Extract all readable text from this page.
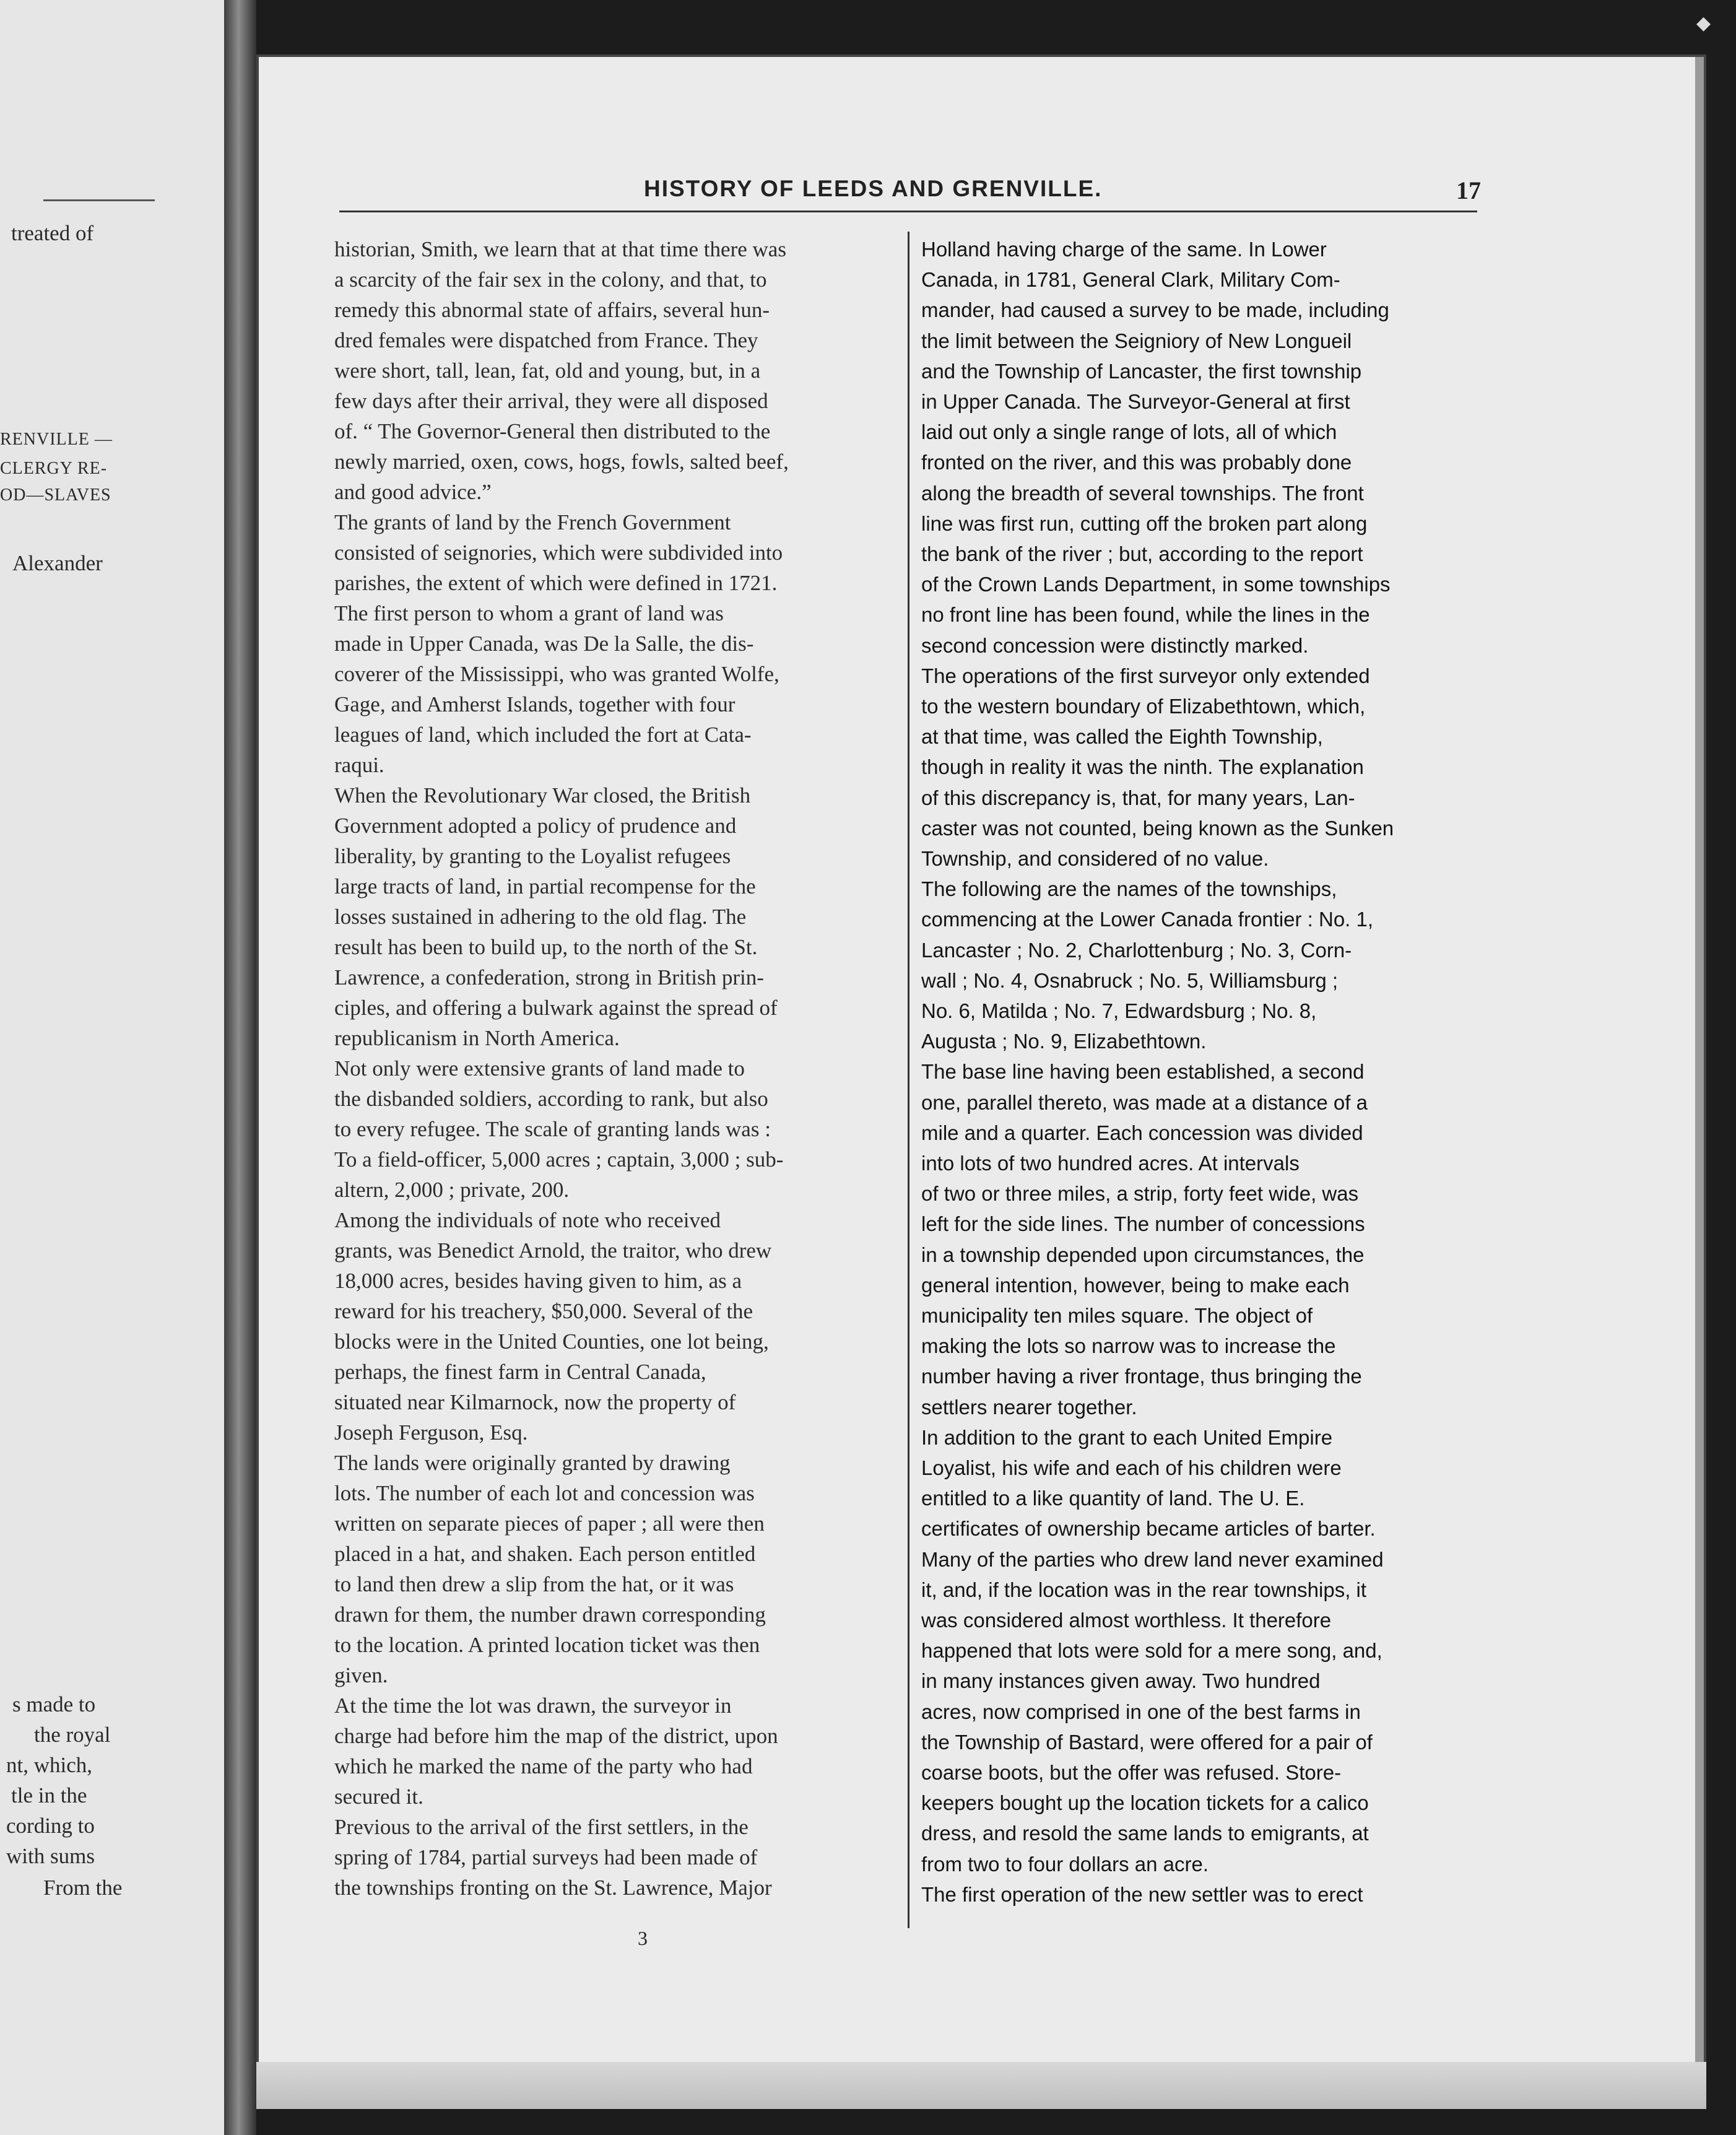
treated of
RENVILLE —
CLERGY RE-
OD—SLAVES
Alexander
s made to
the royal
nt, which,
tle in the
cording to
with sums
From the
HISTORY OF LEEDS AND GRENVILLE.	17
historian, Smith, we learn that at that time there was
a scarcity of the fair sex in the colony, and that, to
remedy this abnormal state of affairs, several hun-
dred females were dispatched from France. They
were short, tall, lean, fat, old and young, but, in a
few days after their arrival, they were all disposed
of. “ The Governor-General then distributed to the
newly married, oxen, cows, hogs, fowls, salted beef,
and good advice.”
The grants of land by the French Government
consisted of seignories, which were subdivided into
parishes, the extent of which were defined in 1721.
The first person to whom a grant of land was
made in Upper Canada, was De la Salle, the dis-
coverer of the Mississippi, who was granted Wolfe,
Gage, and Amherst Islands, together with four
leagues of land, which included the fort at Cata-
raqui.
When the Revolutionary War closed, the British
Government adopted a policy of prudence and
liberality, by granting to the Loyalist refugees
large tracts of land, in partial recompense for the
losses sustained in adhering to the old flag. The
result has been to build up, to the north of the St.
Lawrence, a confederation, strong in British prin-
ciples, and offering a bulwark against the spread of
republicanism in North America.
Not only were extensive grants of land made to
the disbanded soldiers, according to rank, but also
to every refugee. The scale of granting lands was :
To a field-officer, 5,000 acres ; captain, 3,000 ; sub-
altern, 2,000 ; private, 200.
Among the individuals of note who received
grants, was Benedict Arnold, the traitor, who drew
18,000 acres, besides having given to him, as a
reward for his treachery, $50,000. Several of the
blocks were in the United Counties, one lot being,
perhaps, the finest farm in Central Canada,
situated near Kilmarnock, now the property of
Joseph Ferguson, Esq.
The lands were originally granted by drawing
lots. The number of each lot and concession was
written on separate pieces of paper ; all were then
placed in a hat, and shaken. Each person entitled
to land then drew a slip from the hat, or it was
drawn for them, the number drawn corresponding
to the location. A printed location ticket was then
given.
At the time the lot was drawn, the surveyor in
charge had before him the map of the district, upon
which he marked the name of the party who had
secured it.
Previous to the arrival of the first settlers, in the
spring of 1784, partial surveys had been made of
the townships fronting on the St. Lawrence, Major
Holland having charge of the same. In Lower
Canada, in 1781, General Clark, Military Com-
mander, had caused a survey to be made, including
the limit between the Seigniory of New Longueil
and the Township of Lancaster, the first township
in Upper Canada. The Surveyor-General at first
laid out only a single range of lots, all of which
fronted on the river, and this was probably done
along the breadth of several townships. The front
line was first run, cutting off the broken part along
the bank of the river ; but, according to the report
of the Crown Lands Department, in some townships
no front line has been found, while the lines in the
second concession were distinctly marked.
The operations of the first surveyor only extended
to the western boundary of Elizabethtown, which,
at that time, was called the Eighth Township,
though in reality it was the ninth. The explanation
of this discrepancy is, that, for many years, Lan-
caster was not counted, being known as the Sunken
Township, and considered of no value.
The following are the names of the townships,
commencing at the Lower Canada frontier : No. 1,
Lancaster ; No. 2, Charlottenburg ; No. 3, Corn-
wall ; No. 4, Osnabruck ; No. 5, Williamsburg ;
No. 6, Matilda ; No. 7, Edwardsburg ; No. 8,
Augusta ; No. 9, Elizabethtown.
The base line having been established, a second
one, parallel thereto, was made at a distance of a
mile and a quarter. Each concession was divided
into lots of two hundred acres. At intervals
of two or three miles, a strip, forty feet wide, was
left for the side lines. The number of concessions
in a township depended upon circumstances, the
general intention, however, being to make each
municipality ten miles square. The object of
making the lots so narrow was to increase the
number having a river frontage, thus bringing the
settlers nearer together.
In addition to the grant to each United Empire
Loyalist, his wife and each of his children were
entitled to a like quantity of land. The U. E.
certificates of ownership became articles of barter.
Many of the parties who drew land never examined
it, and, if the location was in the rear townships, it
was considered almost worthless. It therefore
happened that lots were sold for a mere song, and,
in many instances given away. Two hundred
acres, now comprised in one of the best farms in
the Township of Bastard, were offered for a pair of
coarse boots, but the offer was refused. Store-
keepers bought up the location tickets for a calico
dress, and resold the same lands to emigrants, at
from two to four dollars an acre.
The first operation of the new settler was to erect
3
◆
